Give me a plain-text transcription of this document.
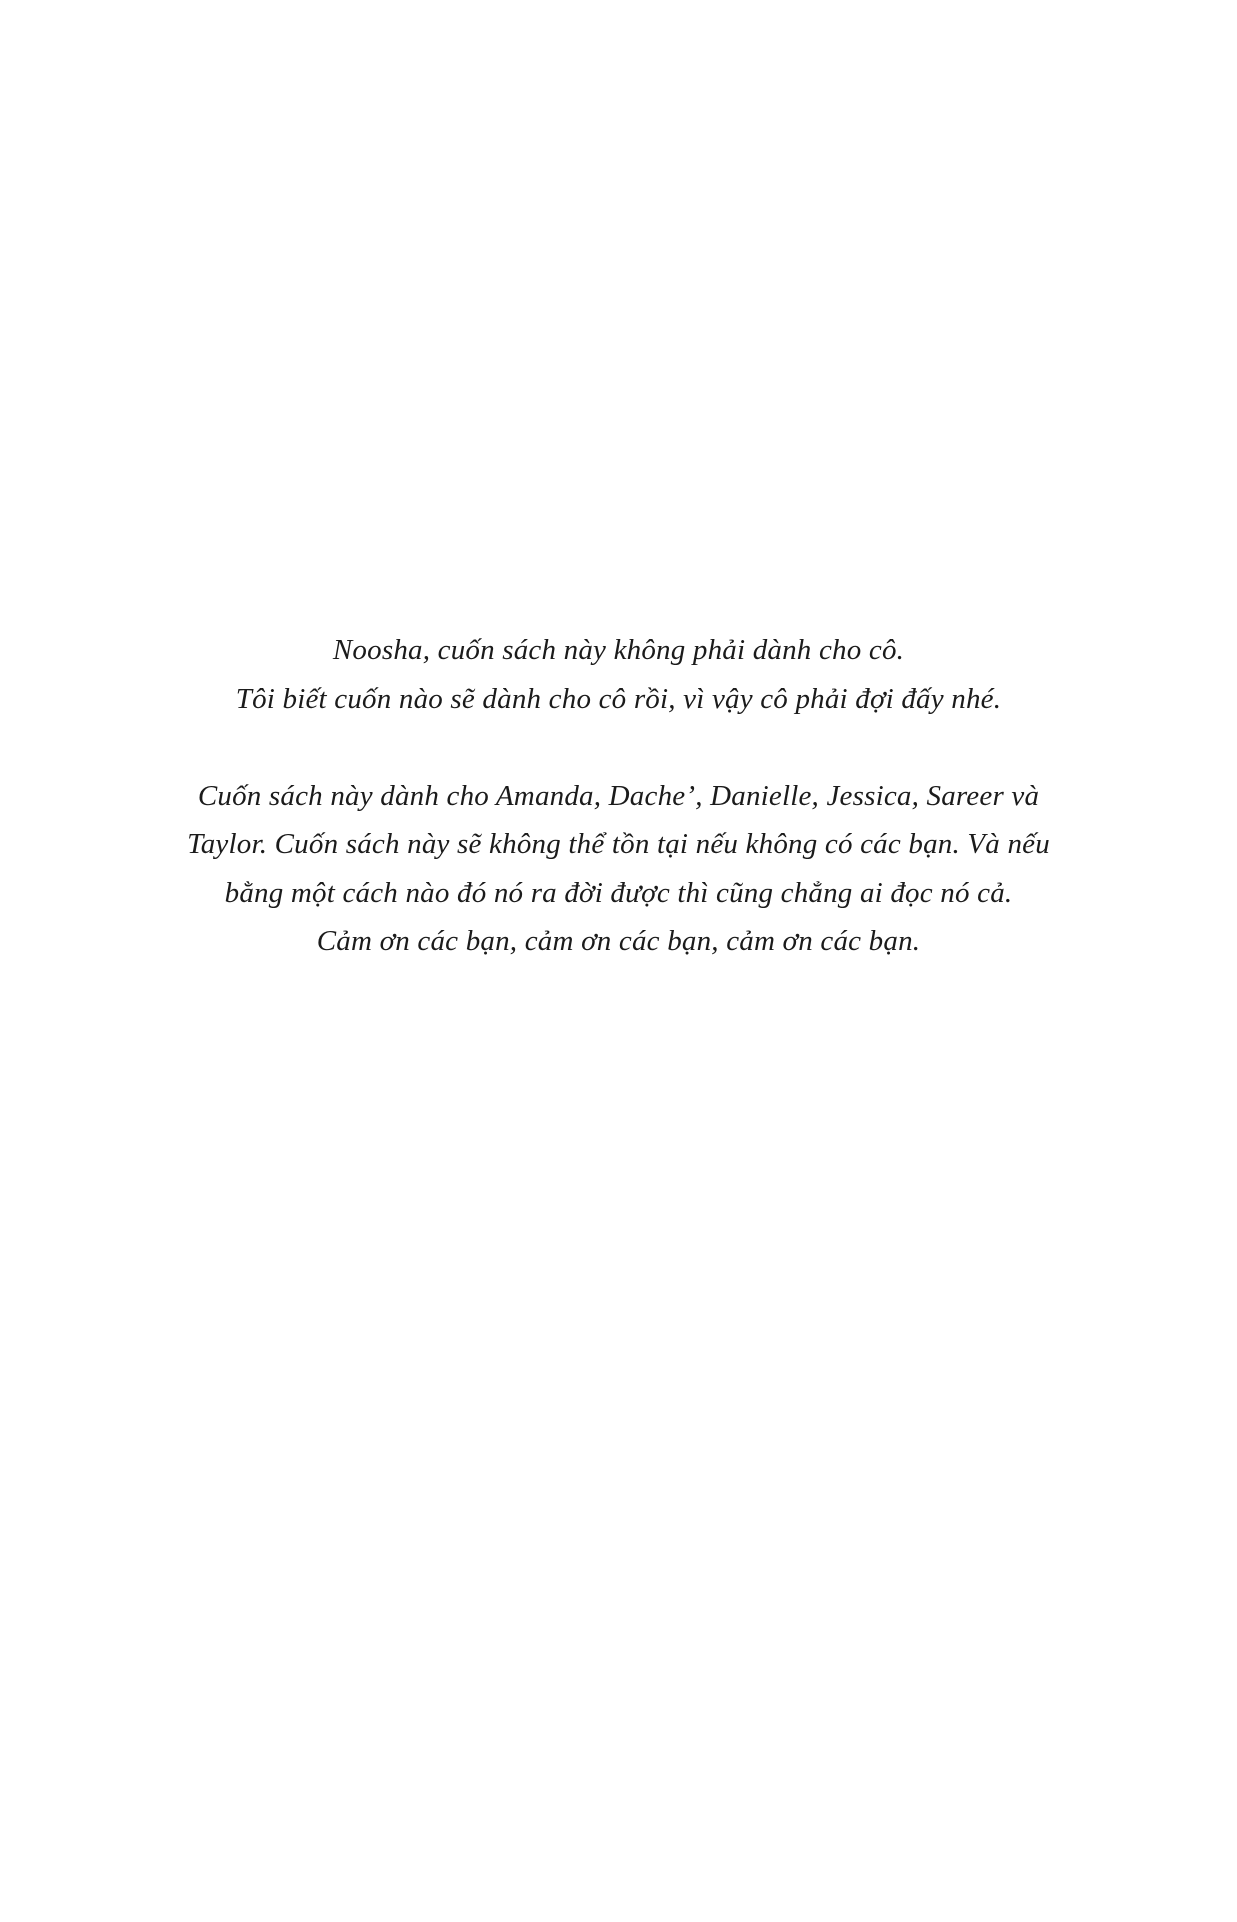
Noosha, cuốn sách này không phải dành cho cô.
Tôi biết cuốn nào sẽ dành cho cô rồi, vì vậy cô phải đợi đấy nhé.

Cuốn sách này dành cho Amanda, Dache’, Danielle, Jessica, Sareer và
Taylor. Cuốn sách này sẽ không thể tồn tại nếu không có các bạn. Và nếu
bằng một cách nào đó nó ra đời được thì cũng chẳng ai đọc nó cả.
Cảm ơn các bạn, cảm ơn các bạn, cảm ơn các bạn.
